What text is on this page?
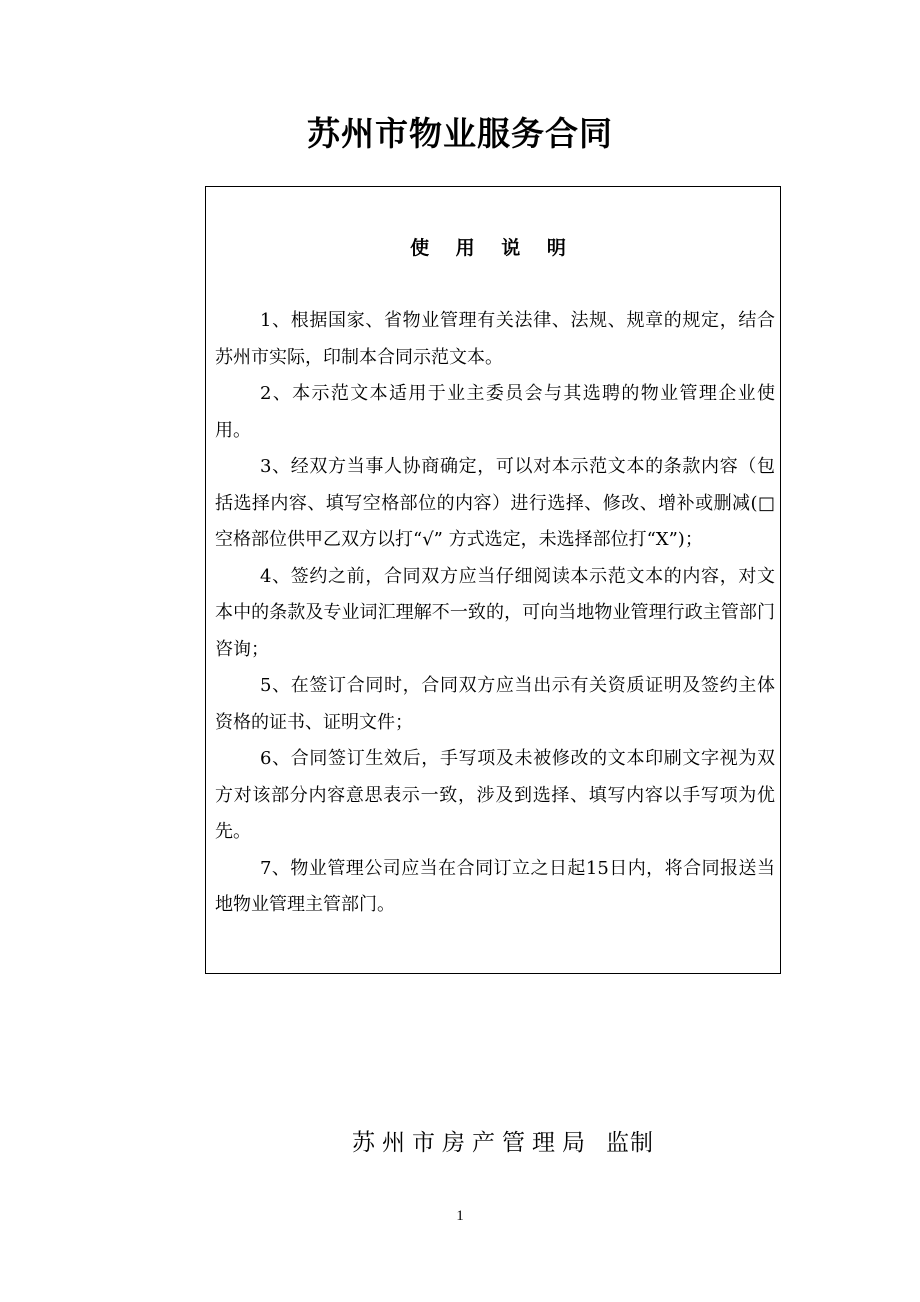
苏州市物业服务合同
使 用 说 明

1、根据国家、省物业管理有关法律、法规、规章的规定，结合苏州市实际，印制本合同示范文本。

2、本示范文本适用于业主委员会与其选聘的物业管理企业使用。

3、经双方当事人协商确定，可以对本示范文本的条款内容（包括选择内容、填写空格部位的内容）进行选择、修改、增补或删减(□空格部位供甲乙双方以打“√” 方式选定，未选择部位打“X”)；

4、签约之前，合同双方应当仔细阅读本示范文本的内容，对文本中的条款及专业词汇理解不一致的，可向当地物业管理行政主管部门咨询；

5、在签订合同时，合同双方应当出示有关资质证明及签约主体资格的证书、证明文件；

6、合同签订生效后，手写项及未被修改的文本印刷文字视为双方对该部分内容意思表示一致，涉及到选择、填写内容以手写项为优先。

7、物业管理公司应当在合同订立之日起15日内，将合同报送当地物业管理主管部门。

苏州市房产管理局 监制
1
